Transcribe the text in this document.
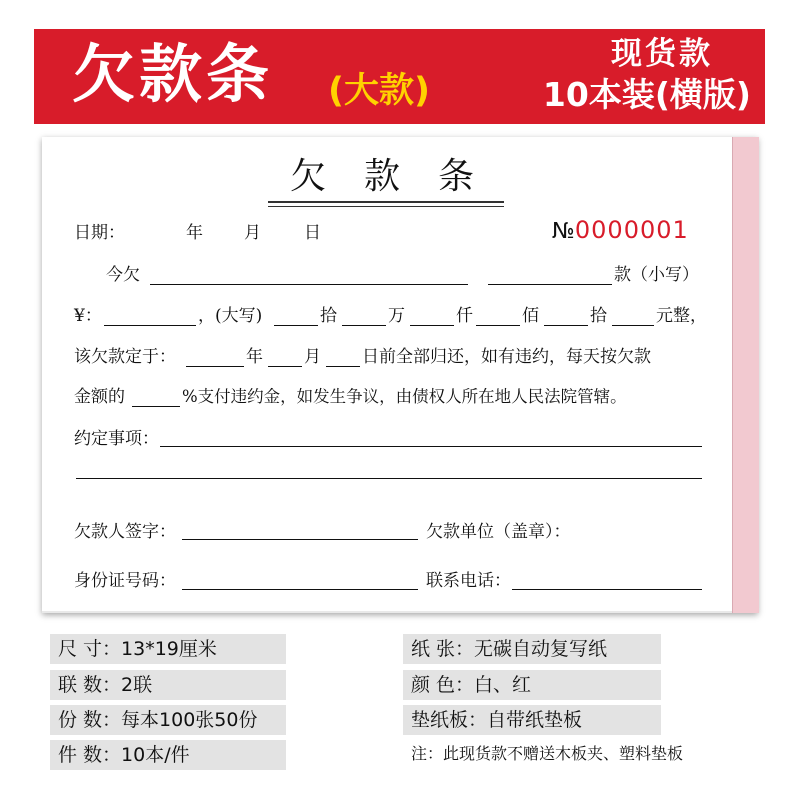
欠款条 (大款)
现货款
10本装(横版)
欠款条
日期：	年 月	日	№0000001
今欠	款（小写）
¥：	，(大写)	拾	万	仟	佰	拾	元整，
该欠款定于：	年 月 日前全部归还，如有违约，每天按欠款
金额的	%支付违约金，如发生争议，由债权人所在地人民法院管辖。
约定事项：
欠款人签字：	欠款单位（盖章）：
身份证号码：	联系电话：
尺 寸：13*19厘米
联 数：2联
份 数：每本100张50份
件 数：10本/件
纸 张：无碳自动复写纸
颜 色：白、红
垫纸板：自带纸垫板
注：此现货款不赠送木板夹、塑料垫板
